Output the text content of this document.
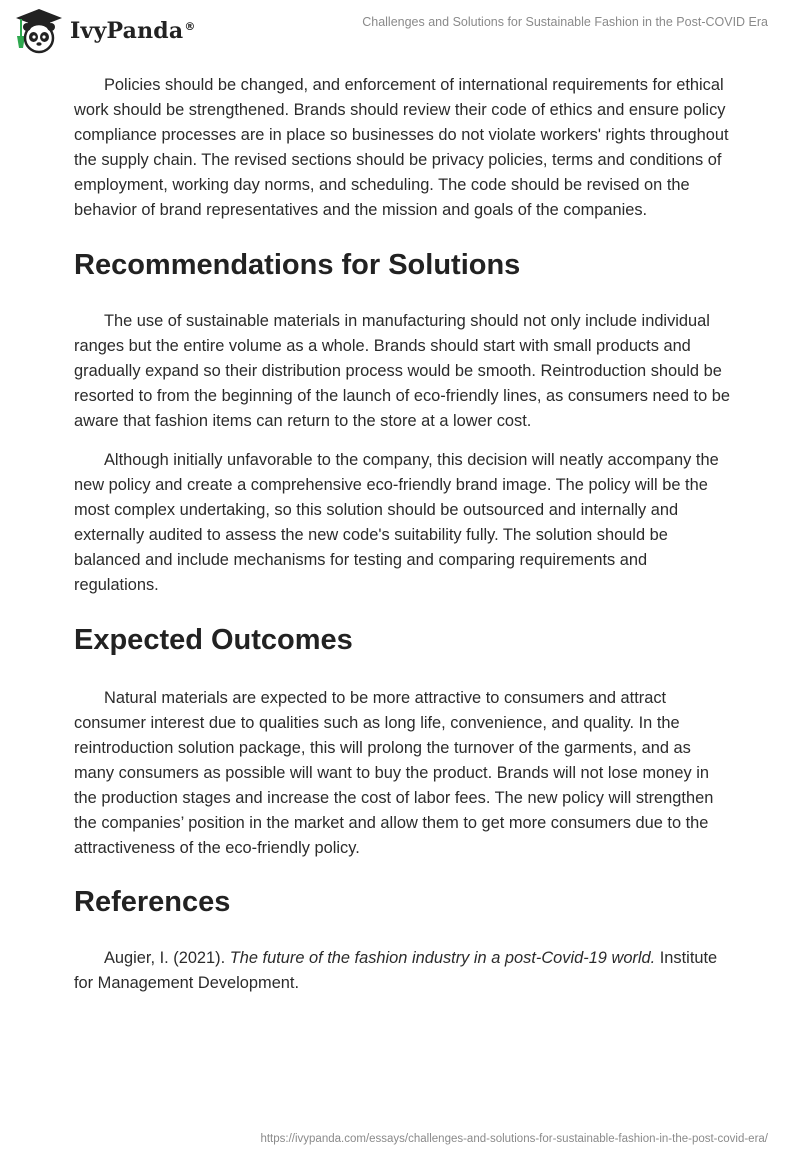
IvyPanda®	Challenges and Solutions for Sustainable Fashion in the Post-COVID Era

Policies should be changed, and enforcement of international requirements for ethical work should be strengthened. Brands should review their code of ethics and ensure policy compliance processes are in place so businesses do not violate workers' rights throughout the supply chain. The revised sections should be privacy policies, terms and conditions of employment, working day norms, and scheduling. The code should be revised on the behavior of brand representatives and the mission and goals of the companies.

Recommendations for Solutions

The use of sustainable materials in manufacturing should not only include individual ranges but the entire volume as a whole. Brands should start with small products and gradually expand so their distribution process would be smooth. Reintroduction should be resorted to from the beginning of the launch of eco-friendly lines, as consumers need to be aware that fashion items can return to the store at a lower cost.

Although initially unfavorable to the company, this decision will neatly accompany the new policy and create a comprehensive eco-friendly brand image. The policy will be the most complex undertaking, so this solution should be outsourced and internally and externally audited to assess the new code's suitability fully. The solution should be balanced and include mechanisms for testing and comparing requirements and regulations.

Expected Outcomes

Natural materials are expected to be more attractive to consumers and attract consumer interest due to qualities such as long life, convenience, and quality. In the reintroduction solution package, this will prolong the turnover of the garments, and as many consumers as possible will want to buy the product. Brands will not lose money in the production stages and increase the cost of labor fees. The new policy will strengthen the companies’ position in the market and allow them to get more consumers due to the attractiveness of the eco-friendly policy.

References

Augier, I. (2021). The future of the fashion industry in a post-Covid-19 world. Institute for Management Development.

https://ivypanda.com/essays/challenges-and-solutions-for-sustainable-fashion-in-the-post-covid-era/
